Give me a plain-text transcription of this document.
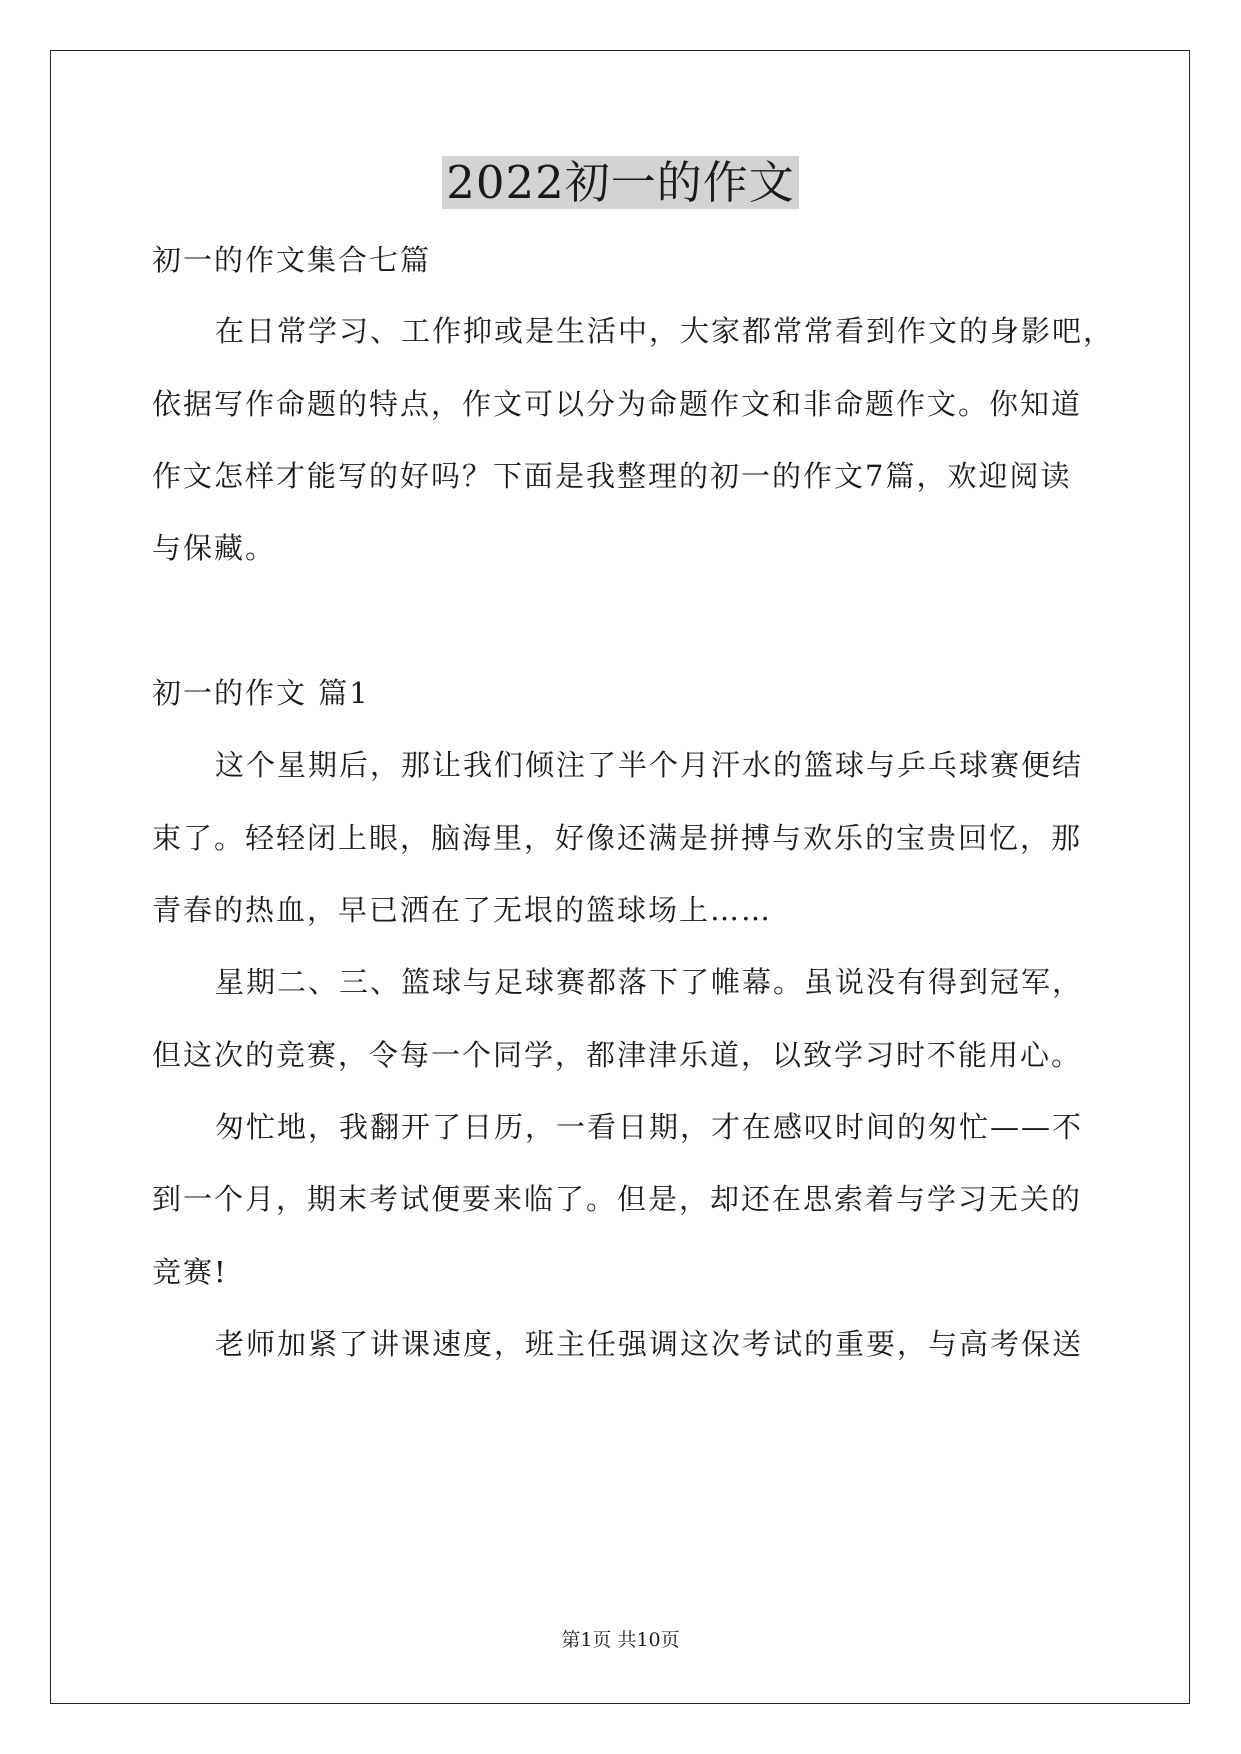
2022初一的作文
初一的作文集合七篇
在日常学习、工作抑或是生活中，大家都常常看到作文的身影吧，
依据写作命题的特点，作文可以分为命题作文和非命题作文。你知道
作文怎样才能写的好吗？下面是我整理的初一的作文7篇，欢迎阅读
与保藏。
初一的作文 篇1
这个星期后，那让我们倾注了半个月汗水的篮球与乒乓球赛便结
束了。轻轻闭上眼，脑海里，好像还满是拼搏与欢乐的宝贵回忆，那
青春的热血，早已洒在了无垠的篮球场上……
星期二、三、篮球与足球赛都落下了帷幕。虽说没有得到冠军，
但这次的竞赛，令每一个同学，都津津乐道，以致学习时不能用心。
匆忙地，我翻开了日历，一看日期，才在感叹时间的匆忙——不
到一个月，期末考试便要来临了。但是，却还在思索着与学习无关的
竞赛!
老师加紧了讲课速度，班主任强调这次考试的重要，与高考保送
第1页 共10页
